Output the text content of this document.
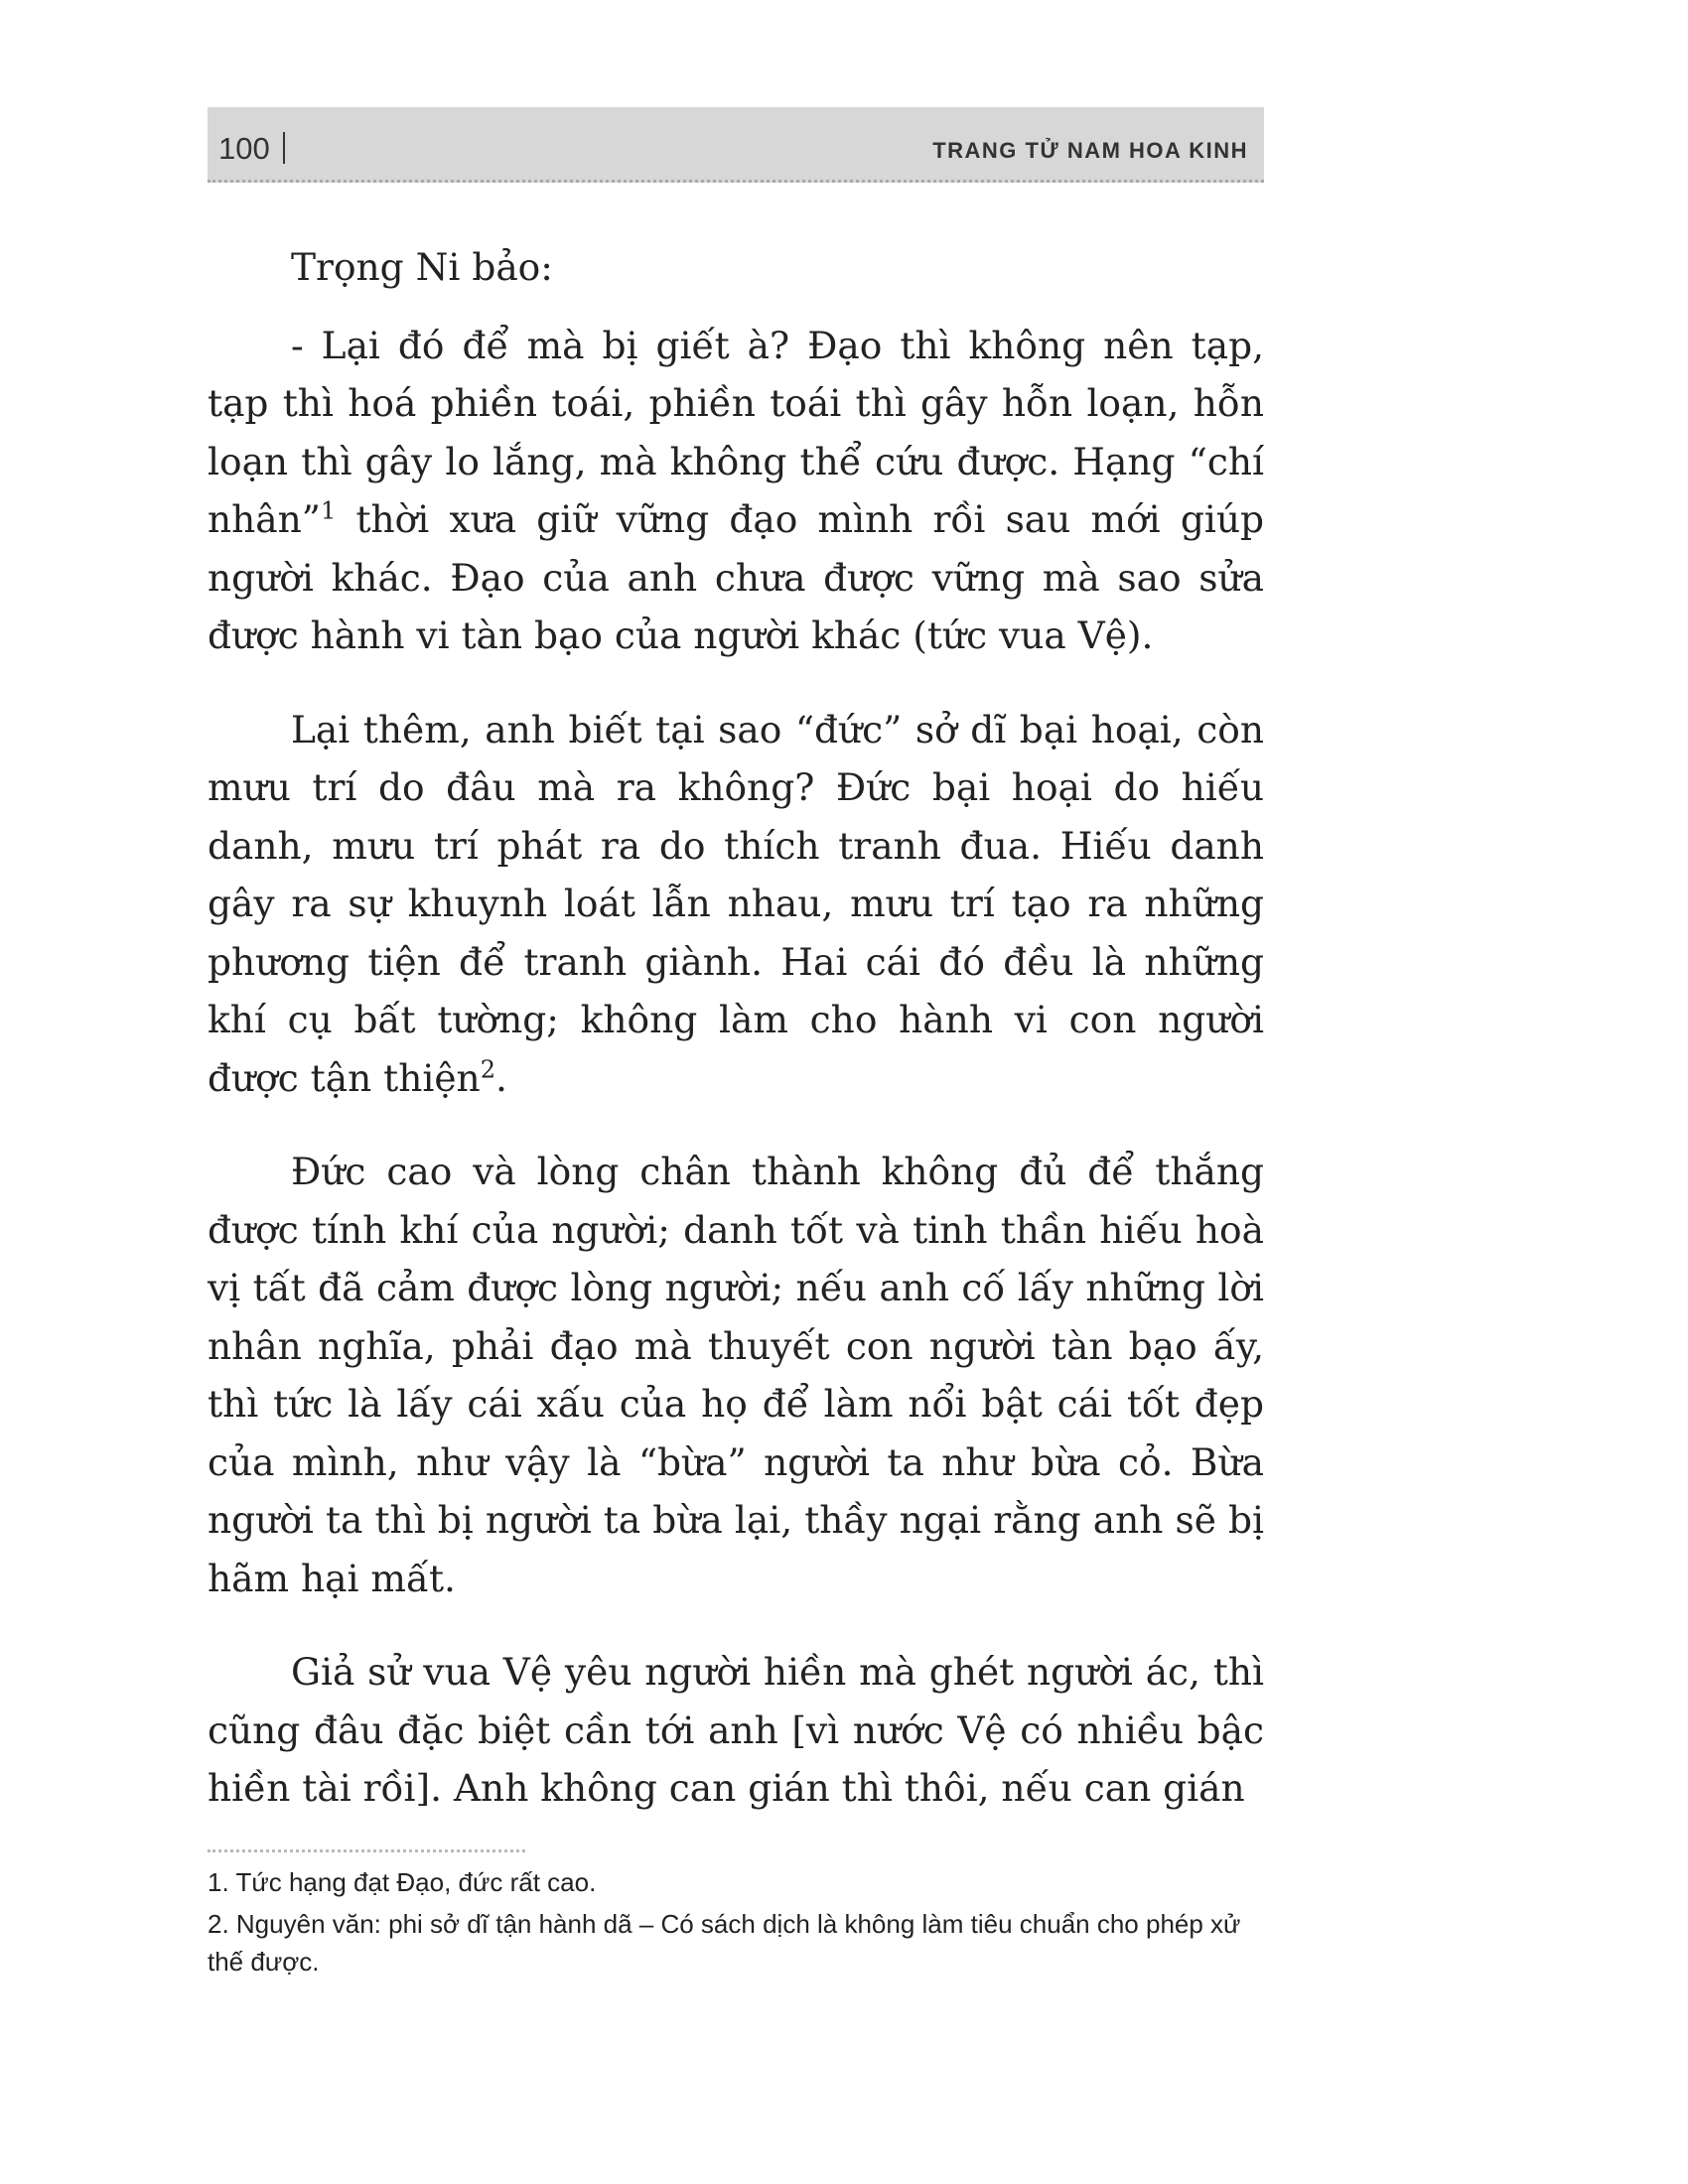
100	TRANG TỬ NAM HOA KINH

Trọng Ni bảo:

- Lại đó để mà bị giết à? Đạo thì không nên tạp, tạp thì hoá phiền toái, phiền toái thì gây hỗn loạn, hỗn loạn thì gây lo lắng, mà không thể cứu được. Hạng “chí nhân”$^1$ thời xưa giữ vững đạo mình rồi sau mới giúp người khác. Đạo của anh chưa được vững mà sao sửa được hành vi tàn bạo của người khác (tức vua Vệ).

Lại thêm, anh biết tại sao “đức” sở dĩ bại hoại, còn mưu trí do đâu mà ra không? Đức bại hoại do hiếu danh, mưu trí phát ra do thích tranh đua. Hiếu danh gây ra sự khuynh loát lẫn nhau, mưu trí tạo ra những phương tiện để tranh giành. Hai cái đó đều là những khí cụ bất tường; không làm cho hành vi con người được tận thiện$^2$.

Đức cao và lòng chân thành không đủ để thắng được tính khí của người; danh tốt và tinh thần hiếu hoà vị tất đã cảm được lòng người; nếu anh cố lấy những lời nhân nghĩa, phải đạo mà thuyết con người tàn bạo ấy, thì tức là lấy cái xấu của họ để làm nổi bật cái tốt đẹp của mình, như vậy là “bừa” người ta như bừa cỏ. Bừa người ta thì bị người ta bừa lại, thầy ngại rằng anh sẽ bị hãm hại mất.

Giả sử vua Vệ yêu người hiền mà ghét người ác, thì cũng đâu đặc biệt cần tới anh [vì nước Vệ có nhiều bậc hiền tài rồi]. Anh không can gián thì thôi, nếu can gián

1. Tức hạng đạt Đạo, đức rất cao.

2. Nguyên văn: phi sở dĩ tận hành dã – Có sách dịch là không làm tiêu chuẩn cho phép xử thế được.
